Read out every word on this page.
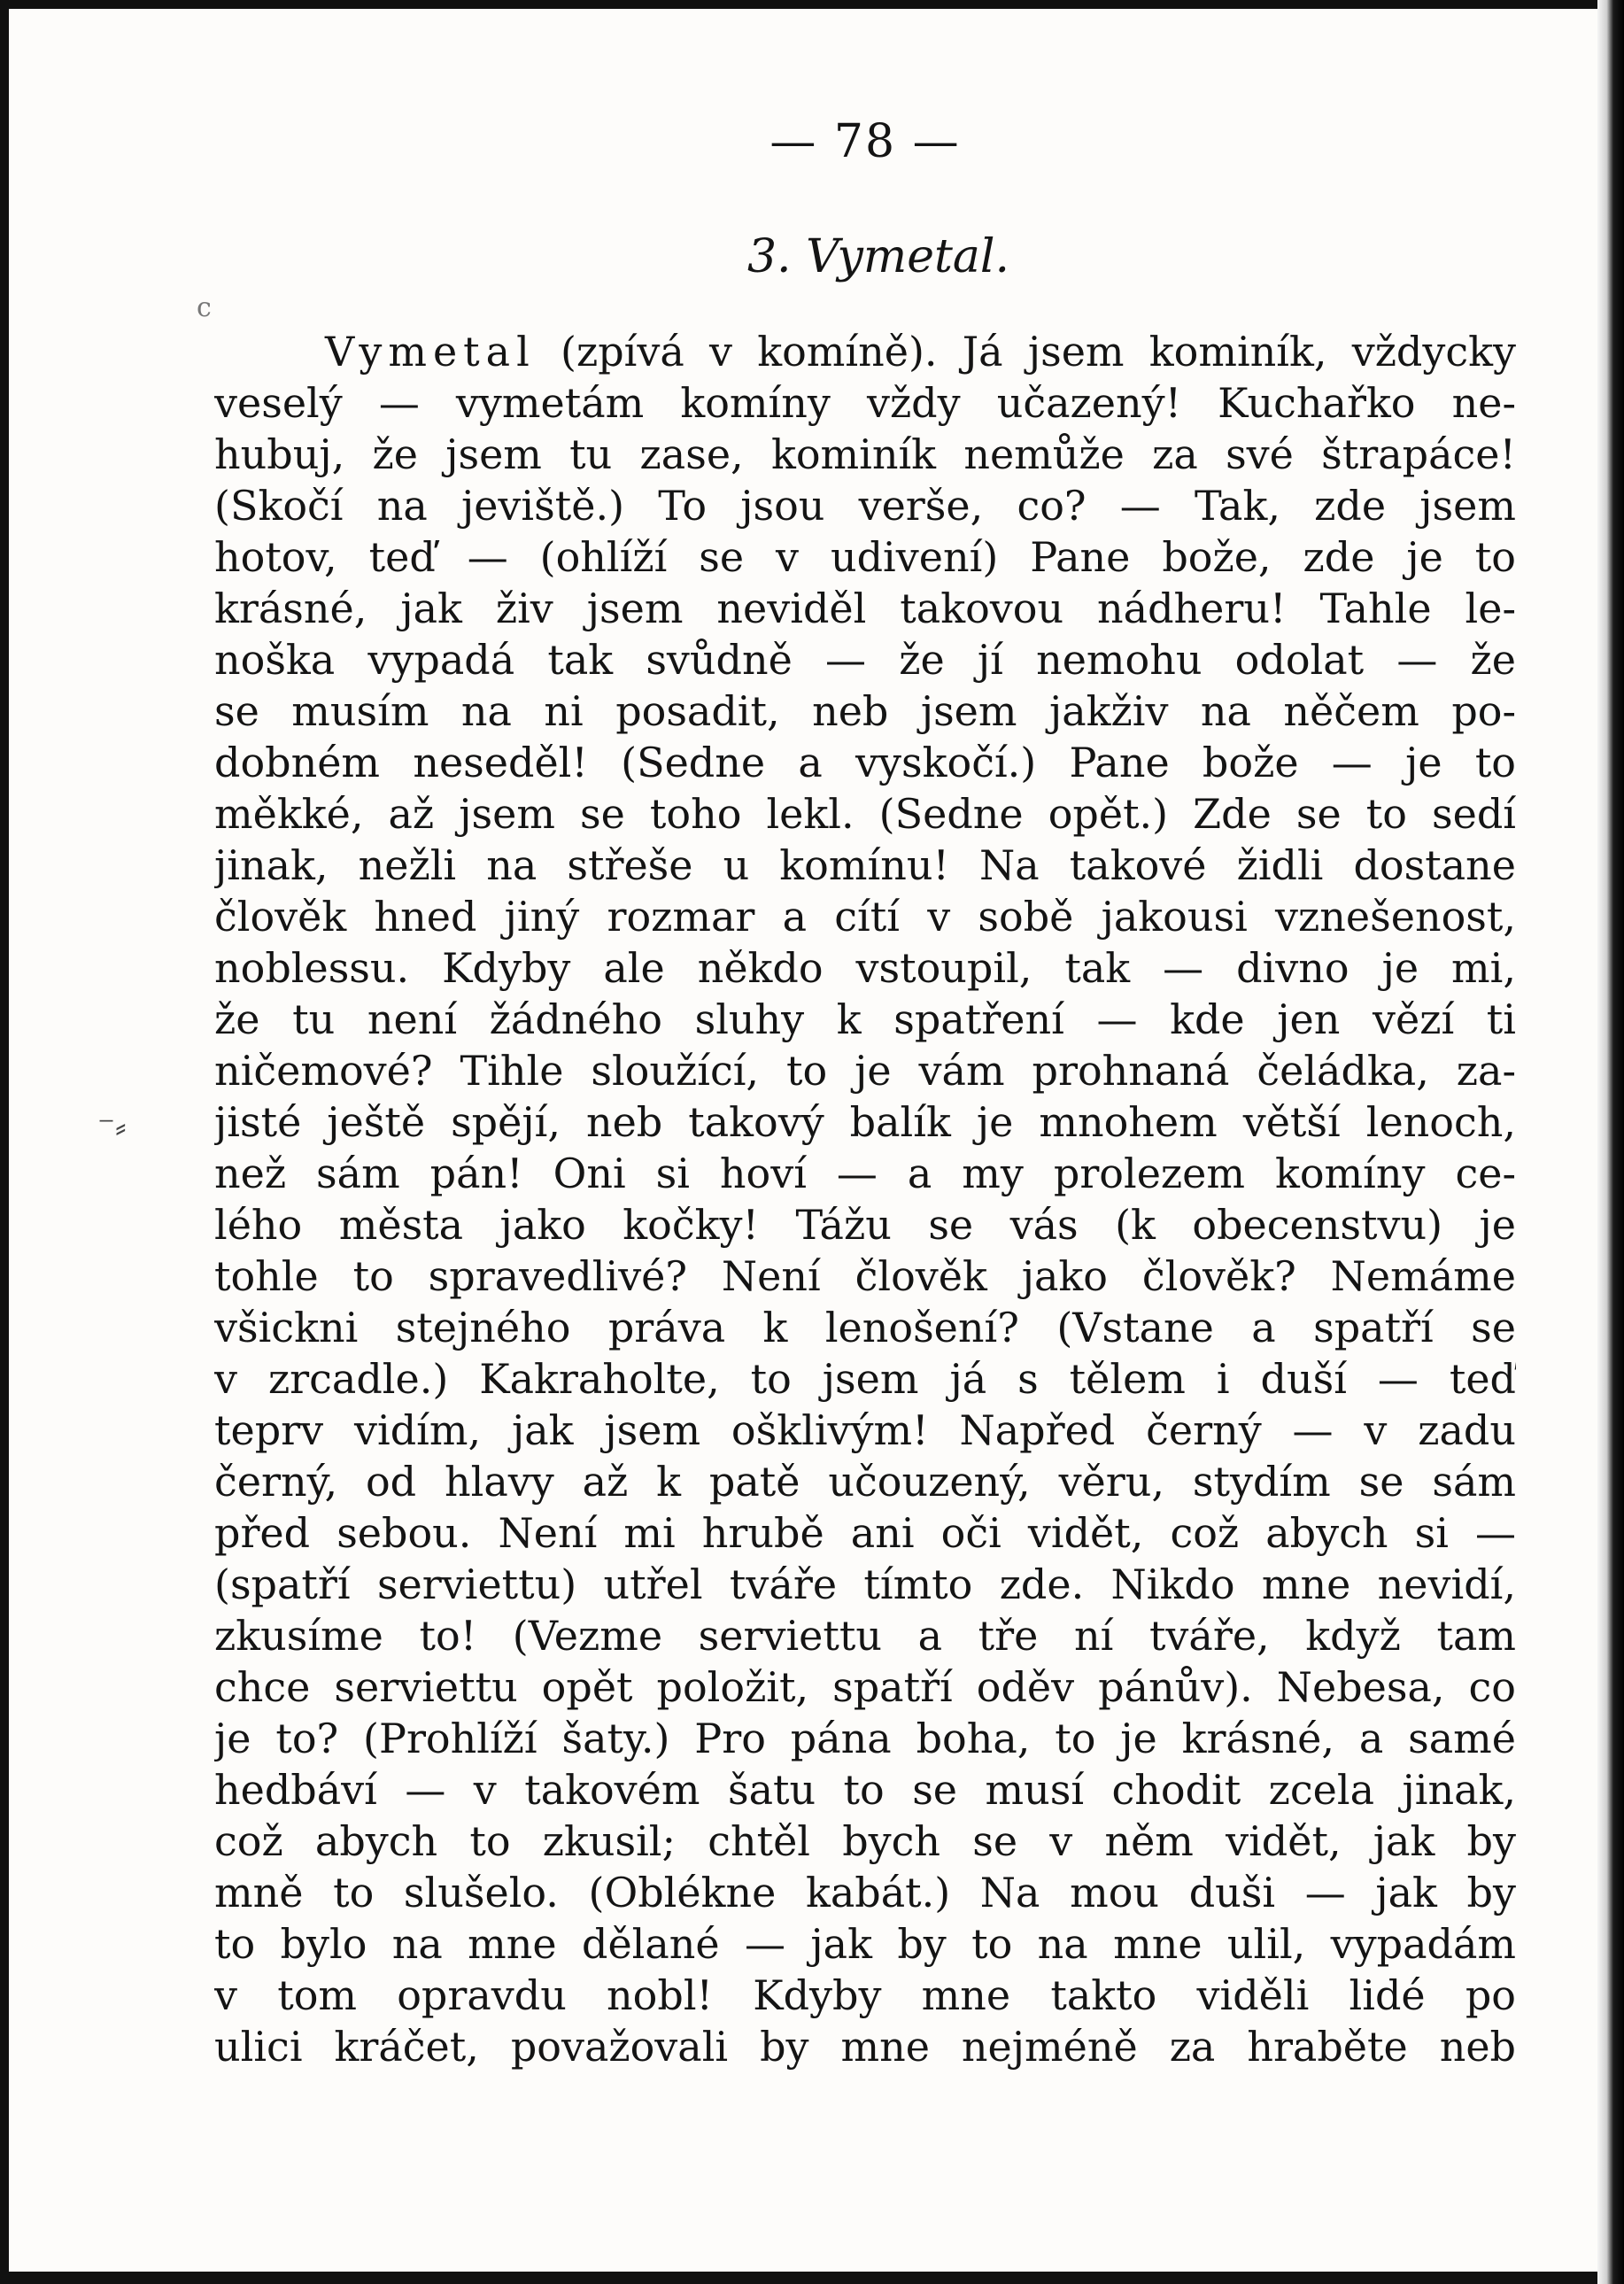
c
⁻⸗
— 78 —
3. Vymetal.
Vymetal (zpívá v komíně). Já jsem kominík, vždycky
veselý — vymetám komíny vždy učazený! Kuchařko ne-
hubuj, že jsem tu zase, kominík nemůže za své štrapáce!
(Skočí na jeviště.) To jsou verše, co? — Tak, zde jsem
hotov, teď — (ohlíží se v udivení) Pane bože, zde je to
krásné, jak živ jsem neviděl takovou nádheru! Tahle le-
noška vypadá tak svůdně — že jí nemohu odolat — že
se musím na ni posadit, neb jsem jakživ na něčem po-
dobném neseděl! (Sedne a vyskočí.) Pane bože — je to
měkké, až jsem se toho lekl. (Sedne opět.) Zde se to sedí
jinak, nežli na střeše u komínu! Na takové židli dostane
člověk hned jiný rozmar a cítí v sobě jakousi vznešenost,
noblessu. Kdyby ale někdo vstoupil, tak — divno je mi,
že tu není žádného sluhy k spatření — kde jen vězí ti
ničemové? Tihle sloužící, to je vám prohnaná čeládka, za-
jisté ještě spějí, neb takový balík je mnohem větší lenoch,
než sám pán! Oni si hoví — a my prolezem komíny ce-
lého města jako kočky! Tážu se vás (k obecenstvu) je
tohle to spravedlivé? Není člověk jako člověk? Nemáme
všickni stejného práva k lenošení? (Vstane a spatří se
v zrcadle.) Kakraholte, to jsem já s tělem i duší — teď
teprv vidím, jak jsem ošklivým! Napřed černý — v zadu
černý, od hlavy až k patě učouzený, věru, stydím se sám
před sebou. Není mi hrubě ani oči vidět, což abych si —
(spatří serviettu) utřel tváře tímto zde. Nikdo mne nevidí,
zkusíme to! (Vezme serviettu a tře ní tváře, když tam
chce serviettu opět položit, spatří oděv pánův). Nebesa, co
je to? (Prohlíží šaty.) Pro pána boha, to je krásné, a samé
hedbáví — v takovém šatu to se musí chodit zcela jinak,
což abych to zkusil; chtěl bych se v něm vidět, jak by
mně to slušelo. (Oblékne kabát.) Na mou duši — jak by
to bylo na mne dělané — jak by to na mne ulil, vypadám
v tom opravdu nobl! Kdyby mne takto viděli lidé po
ulici kráčet, považovali by mne nejméně za hraběte neb
